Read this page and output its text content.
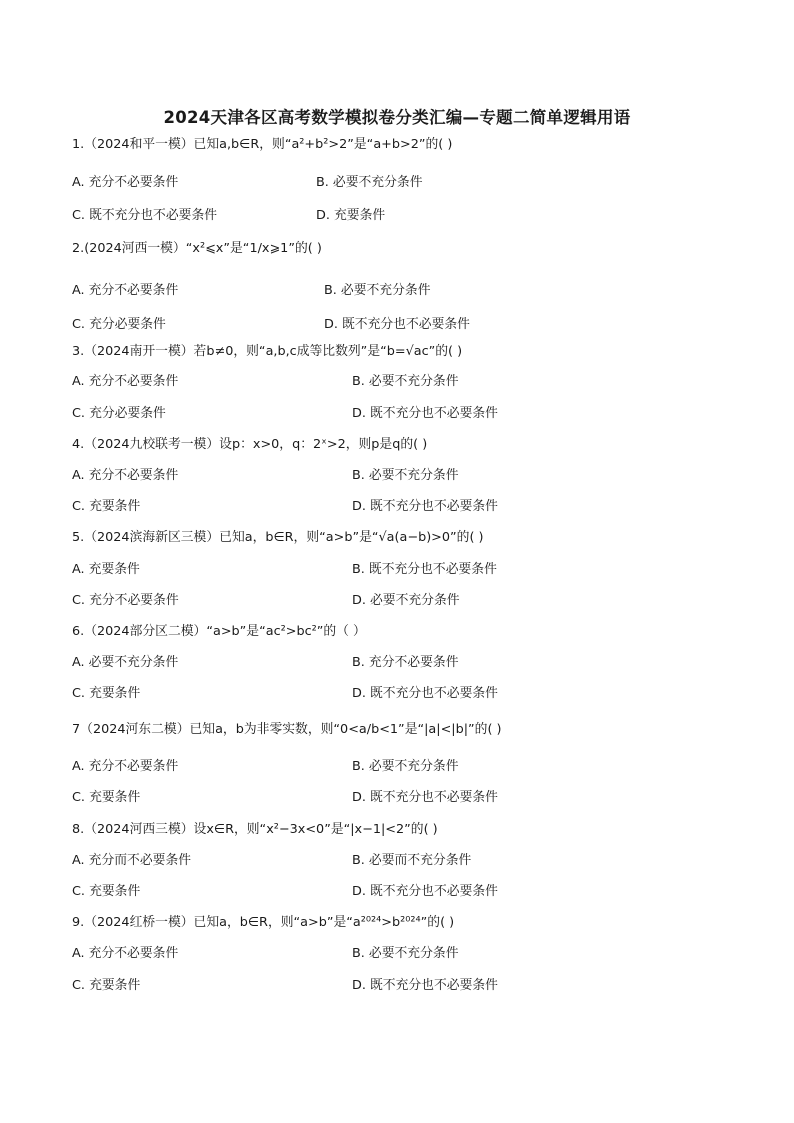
2024天津各区高考数学模拟卷分类汇编—专题二简单逻辑用语
1.（2024和平一模）已知a,b∈R，则“a²+b²>2”是“a+b>2”的( )
A. 充分不必要条件	B. 必要不充分条件
C. 既不充分也不必要条件	D. 充要条件
2.(2024河西一模）“x²⩽x”是“1/x⩾1”的( )
A. 充分不必要条件	B. 必要不充分条件
C. 充分必要条件	D. 既不充分也不必要条件
3.（2024南开一模）若b≠0，则“a,b,c成等比数列”是“b=√ac”的( )
A. 充分不必要条件	B. 必要不充分条件
C. 充分必要条件	D. 既不充分也不必要条件
4.（2024九校联考一模）设p：x>0，q：2ˣ>2，则p是q的( )
A. 充分不必要条件	B. 必要不充分条件
C. 充要条件	D. 既不充分也不必要条件
5.（2024滨海新区三模）已知a，b∈R，则“a>b”是“√a(a−b)>0”的( )
A. 充要条件	B. 既不充分也不必要条件
C. 充分不必要条件	D. 必要不充分条件
6.（2024部分区二模）“a>b”是“ac²>bc²”的（ ）
A. 必要不充分条件	B. 充分不必要条件
C. 充要条件	D. 既不充分也不必要条件
7（2024河东二模）已知a，b为非零实数，则“0<a/b<1”是“|a|<|b|”的( )
A. 充分不必要条件	B. 必要不充分条件
C. 充要条件	D. 既不充分也不必要条件
8.（2024河西三模）设x∈R，则“x²−3x<0”是“|x−1|<2”的( )
A. 充分而不必要条件	B. 必要而不充分条件
C. 充要条件	D. 既不充分也不必要条件
9.（2024红桥一模）已知a，b∈R，则“a>b”是“a²⁰²⁴>b²⁰²⁴”的( )
A. 充分不必要条件	B. 必要不充分条件
C. 充要条件	D. 既不充分也不必要条件
